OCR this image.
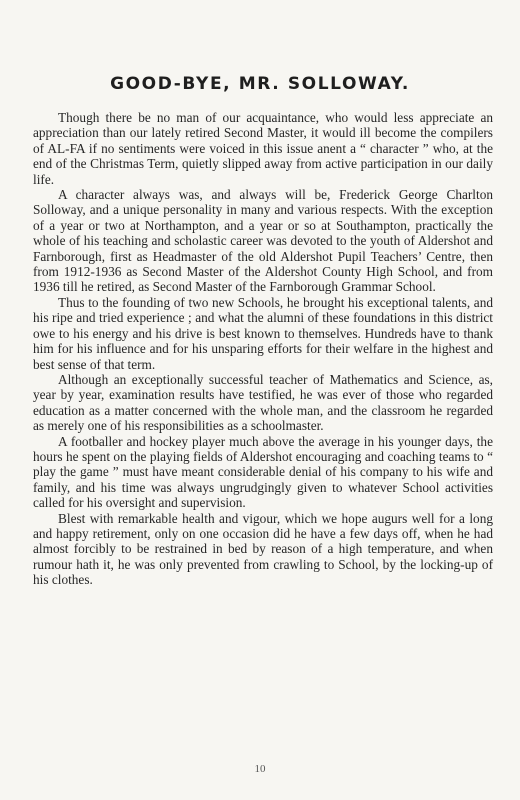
GOOD-BYE, MR. SOLLOWAY.

Though there be no man of our acquaintance, who would less appreciate an appreciation than our lately retired Second Master, it would ill become the compilers of AL-FA if no sentiments were voiced in this issue anent a “ character ” who, at the end of the Christmas Term, quietly slipped away from active participation in our daily life.

A character always was, and always will be, Frederick George Charlton Solloway, and a unique personality in many and various respects. With the exception of a year or two at Northampton, and a year or so at Southampton, practically the whole of his teaching and scholastic career was devoted to the youth of Aldershot and Farnborough, first as Headmaster of the old Aldershot Pupil Teachers’ Centre, then from 1912-1936 as Second Master of the Aldershot County High School, and from 1936 till he retired, as Second Master of the Farnborough Grammar School.

Thus to the founding of two new Schools, he brought his exceptional talents, and his ripe and tried experience ; and what the alumni of these foundations in this district owe to his energy and his drive is best known to themselves. Hundreds have to thank him for his influence and for his unsparing efforts for their welfare in the highest and best sense of that term.

Although an exceptionally successful teacher of Mathematics and Science, as, year by year, examination results have testified, he was ever of those who regarded education as a matter concerned with the whole man, and the classroom he regarded as merely one of his responsibilities as a schoolmaster.

A footballer and hockey player much above the average in his younger days, the hours he spent on the playing fields of Aldershot encouraging and coaching teams to “ play the game ” must have meant considerable denial of his company to his wife and family, and his time was always ungrudgingly given to whatever School activities called for his oversight and supervision.

Blest with remarkable health and vigour, which we hope augurs well for a long and happy retirement, only on one occasion did he have a few days off, when he had almost forcibly to be restrained in bed by reason of a high temperature, and when rumour hath it, he was only prevented from crawling to School, by the locking-up of his clothes.

10
